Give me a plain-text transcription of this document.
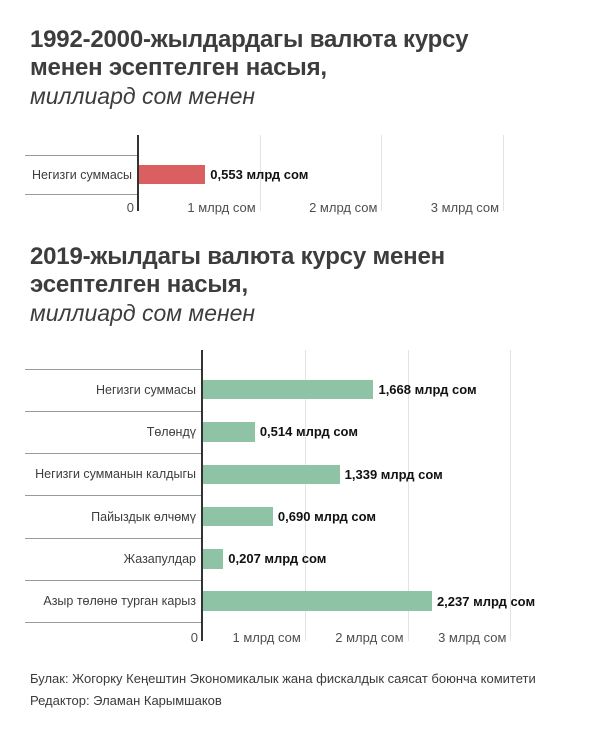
1992-2000-жылдардагы валюта курсу менен эсептелген насыя,
миллиард сом менен
Негизги суммасы	0,553 млрд сом
0	1 млрд сом	2 млрд сом	3 млрд сом
2019-жылдагы валюта курсу менен эсептелген насыя,
миллиард сом менен
Негизги суммасы	1,668 млрд сом
Төлөндү	0,514 млрд сом
Негизги сумманын калдыгы	1,339 млрд сом
Пайыздык өлчөмү	0,690 млрд сом
Жазапулдар 0,207 млрд сом
Азыр төлөнө турган карыз	2,237 млрд сом
0	1 млрд сом	2 млрд сом	3 млрд сом
Булак: Жогорку Кеңештин Экономикалык жана фискалдык саясат боюнча комитети
Редактор: Эламан Карымшаков
